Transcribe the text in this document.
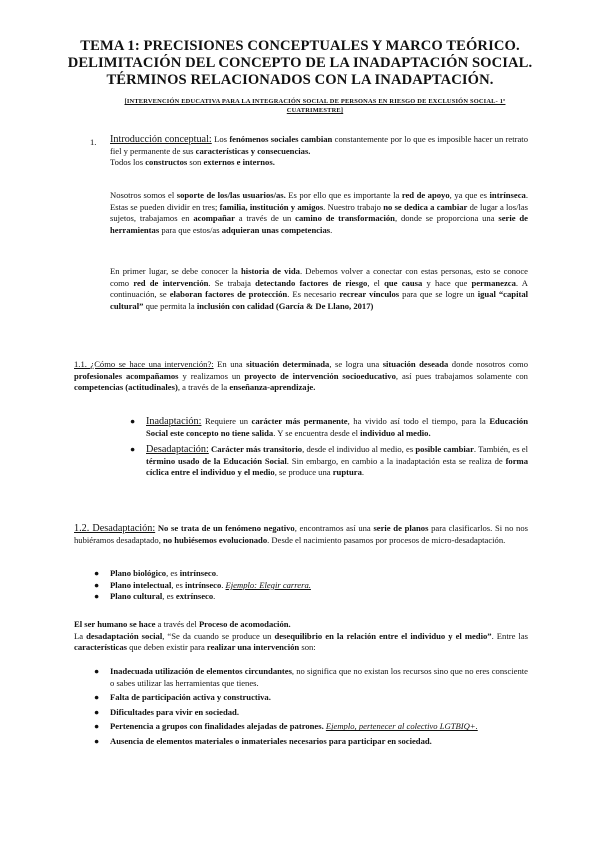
TEMA 1: PRECISIONES CONCEPTUALES Y MARCO TEÓRICO.
DELIMITACIÓN DEL CONCEPTO DE LA INADAPTACIÓN SOCIAL.
TÉRMINOS RELACIONADOS CON LA INADAPTACIÓN.
[INTERVENCIÓN EDUCATIVA PARA LA INTEGRACIÓN SOCIAL DE PERSONAS EN RIESGO DE EXCLUSIÓN SOCIAL- 1º
CUATRIMESTRE]
1. Introducción conceptual: Los fenómenos sociales cambian constantemente por lo que es imposible hacer un retrato fiel y permanente de sus características y consecuencias.
Todos los constructos son externos e internos.
Nosotros somos el soporte de los/las usuarios/as. Es por ello que es importante la red de apoyo, ya que es intrínseca. Estas se pueden dividir en tres; familia, institución y amigos. Nuestro trabajo no se dedica a cambiar de lugar a los/las sujetos, trabajamos en acompañar a través de un camino de transformación, donde se proporciona una serie de herramientas para que estos/as adquieran unas competencias.
En primer lugar, se debe conocer la historia de vida. Debemos volver a conectar con estas personas, esto se conoce como red de intervención. Se trabaja detectando factores de riesgo, el que causa y hace que permanezca. A continuación, se elaboran factores de protección. Es necesario recrear vínculos para que se logre un igual “capital cultural” que permita la inclusión con calidad (García & De Llano, 2017)
1.1. ¿Cómo se hace una intervención?: En una situación determinada, se logra una situación deseada donde nosotros como profesionales acompañamos y realizamos un proyecto de intervención socioeducativo, así pues trabajamos solamente con competencias (actitudinales), a través de la enseñanza-aprendizaje.
● Inadaptación: Requiere un carácter más permanente, ha vivido así todo el tiempo, para la Educación Social este concepto no tiene salida. Y se encuentra desde el individuo al medio.
● Desadaptación: Carácter más transitorio, desde el individuo al medio, es posible cambiar. También, es el término usado de la Educación Social. Sin embargo, en cambio a la inadaptación esta se realiza de forma cíclica entre el individuo y el medio, se produce una ruptura.
1.2. Desadaptación: No se trata de un fenómeno negativo, encontramos así una serie de planos para clasificarlos. Si no nos hubiéramos desadaptado, no hubiésemos evolucionado. Desde el nacimiento pasamos por procesos de micro-desadaptación.
● Plano biológico, es intrínseco.
● Plano intelectual, es intrínseco. Ejemplo: Elegir carrera.
● Plano cultural, es extrínseco.
El ser humano se hace a través del Proceso de acomodación.
La desadaptación social, “Se da cuando se produce un desequilibrio en la relación entre el individuo y el medio”. Entre las características que deben existir para realizar una intervención son:
● Inadecuada utilización de elementos circundantes, no significa que no existan los recursos sino que no eres consciente o sabes utilizar las herramientas que tienes.
● Falta de participación activa y constructiva.
● Dificultades para vivir en sociedad.
● Pertenencia a grupos con finalidades alejadas de patrones. Ejemplo, pertenecer al colectivo LGTBIQ+.
● Ausencia de elementos materiales o inmateriales necesarios para participar en sociedad.
